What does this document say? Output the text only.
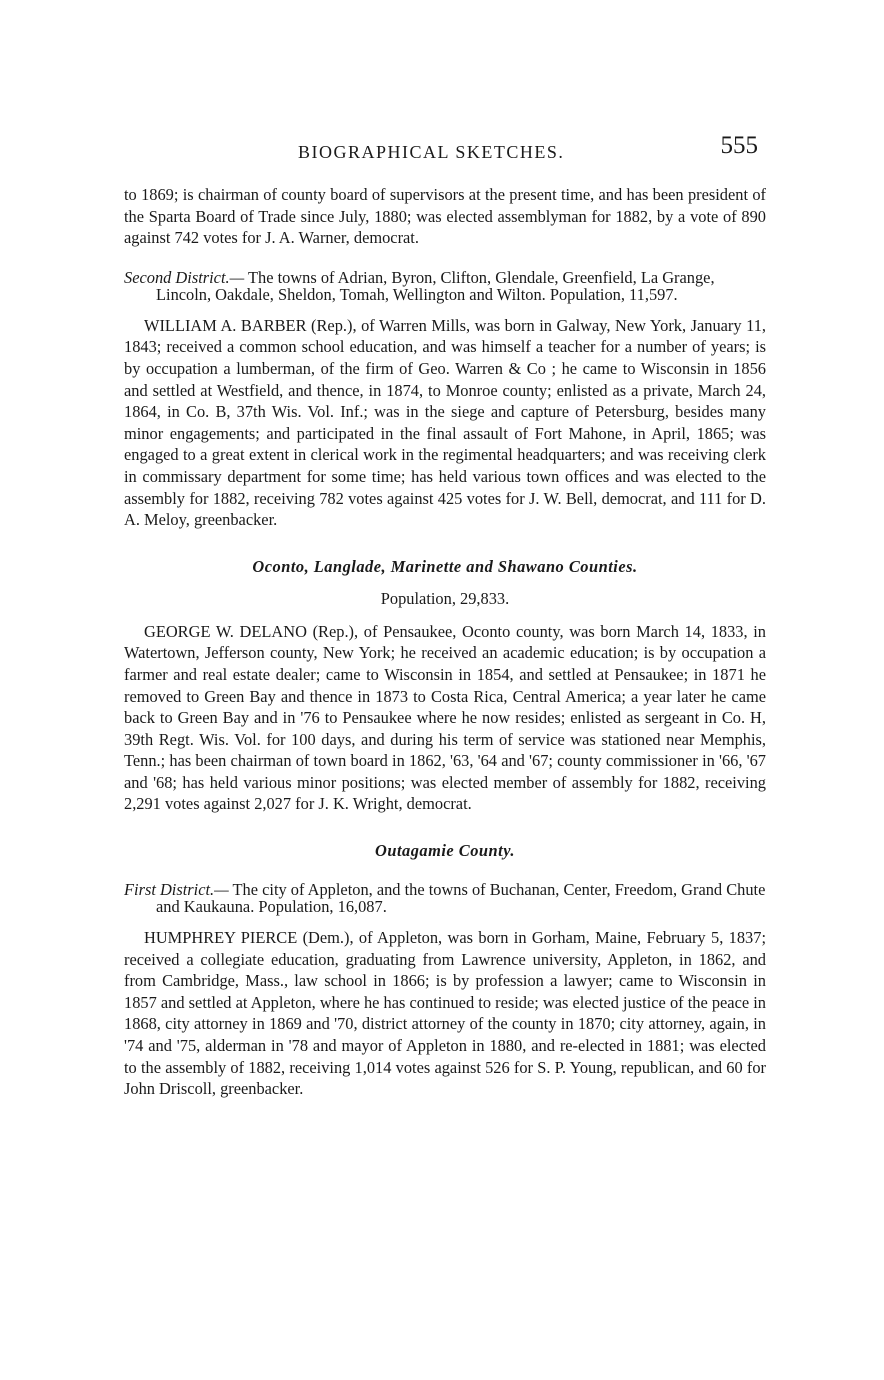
BIOGRAPHICAL SKETCHES.	555

to 1869; is chairman of county board of supervisors at the present time, and has been president of the Sparta Board of Trade since July, 1880; was elected assemblyman for 1882, by a vote of 890 against 742 votes for J. A. Warner, democrat.

Second District.— The towns of Adrian, Byron, Clifton, Glendale, Greenfield, La Grange, Lincoln, Oakdale, Sheldon, Tomah, Wellington and Wilton. Population, 11,597.

WILLIAM A. BARBER (Rep.), of Warren Mills, was born in Galway, New York, January 11, 1843; received a common school education, and was himself a teacher for a number of years; is by occupation a lumberman, of the firm of Geo. Warren & Co ; he came to Wisconsin in 1856 and settled at Westfield, and thence, in 1874, to Monroe county; enlisted as a private, March 24, 1864, in Co. B, 37th Wis. Vol. Inf.; was in the siege and capture of Petersburg, besides many minor engagements; and participated in the final assault of Fort Mahone, in April, 1865; was engaged to a great extent in clerical work in the regimental headquarters; and was receiving clerk in commissary department for some time; has held various town offices and was elected to the assembly for 1882, receiving 782 votes against 425 votes for J. W. Bell, democrat, and 111 for D. A. Meloy, greenbacker.

Oconto, Langlade, Marinette and Shawano Counties.
Population, 29,833.

GEORGE W. DELANO (Rep.), of Pensaukee, Oconto county, was born March 14, 1833, in Watertown, Jefferson county, New York; he received an academic education; is by occupation a farmer and real estate dealer; came to Wisconsin in 1854, and settled at Pensaukee; in 1871 he removed to Green Bay and thence in 1873 to Costa Rica, Central America; a year later he came back to Green Bay and in '76 to Pensaukee where he now resides; enlisted as sergeant in Co. H, 39th Regt. Wis. Vol. for 100 days, and during his term of service was stationed near Memphis, Tenn.; has been chairman of town board in 1862, '63, '64 and '67; county commissioner in '66, '67 and '68; has held various minor positions; was elected member of assembly for 1882, receiving 2,291 votes against 2,027 for J. K. Wright, democrat.

Outagamie County.

First District.— The city of Appleton, and the towns of Buchanan, Center, Freedom, Grand Chute and Kaukauna. Population, 16,087.

HUMPHREY PIERCE (Dem.), of Appleton, was born in Gorham, Maine, February 5, 1837; received a collegiate education, graduating from Lawrence university, Appleton, in 1862, and from Cambridge, Mass., law school in 1866; is by profession a lawyer; came to Wisconsin in 1857 and settled at Appleton, where he has continued to reside; was elected justice of the peace in 1868, city attorney in 1869 and '70, district attorney of the county in 1870; city attorney, again, in '74 and '75, alderman in '78 and mayor of Appleton in 1880, and re-elected in 1881; was elected to the assembly of 1882, receiving 1,014 votes against 526 for S. P. Young, republican, and 60 for John Driscoll, greenbacker.
